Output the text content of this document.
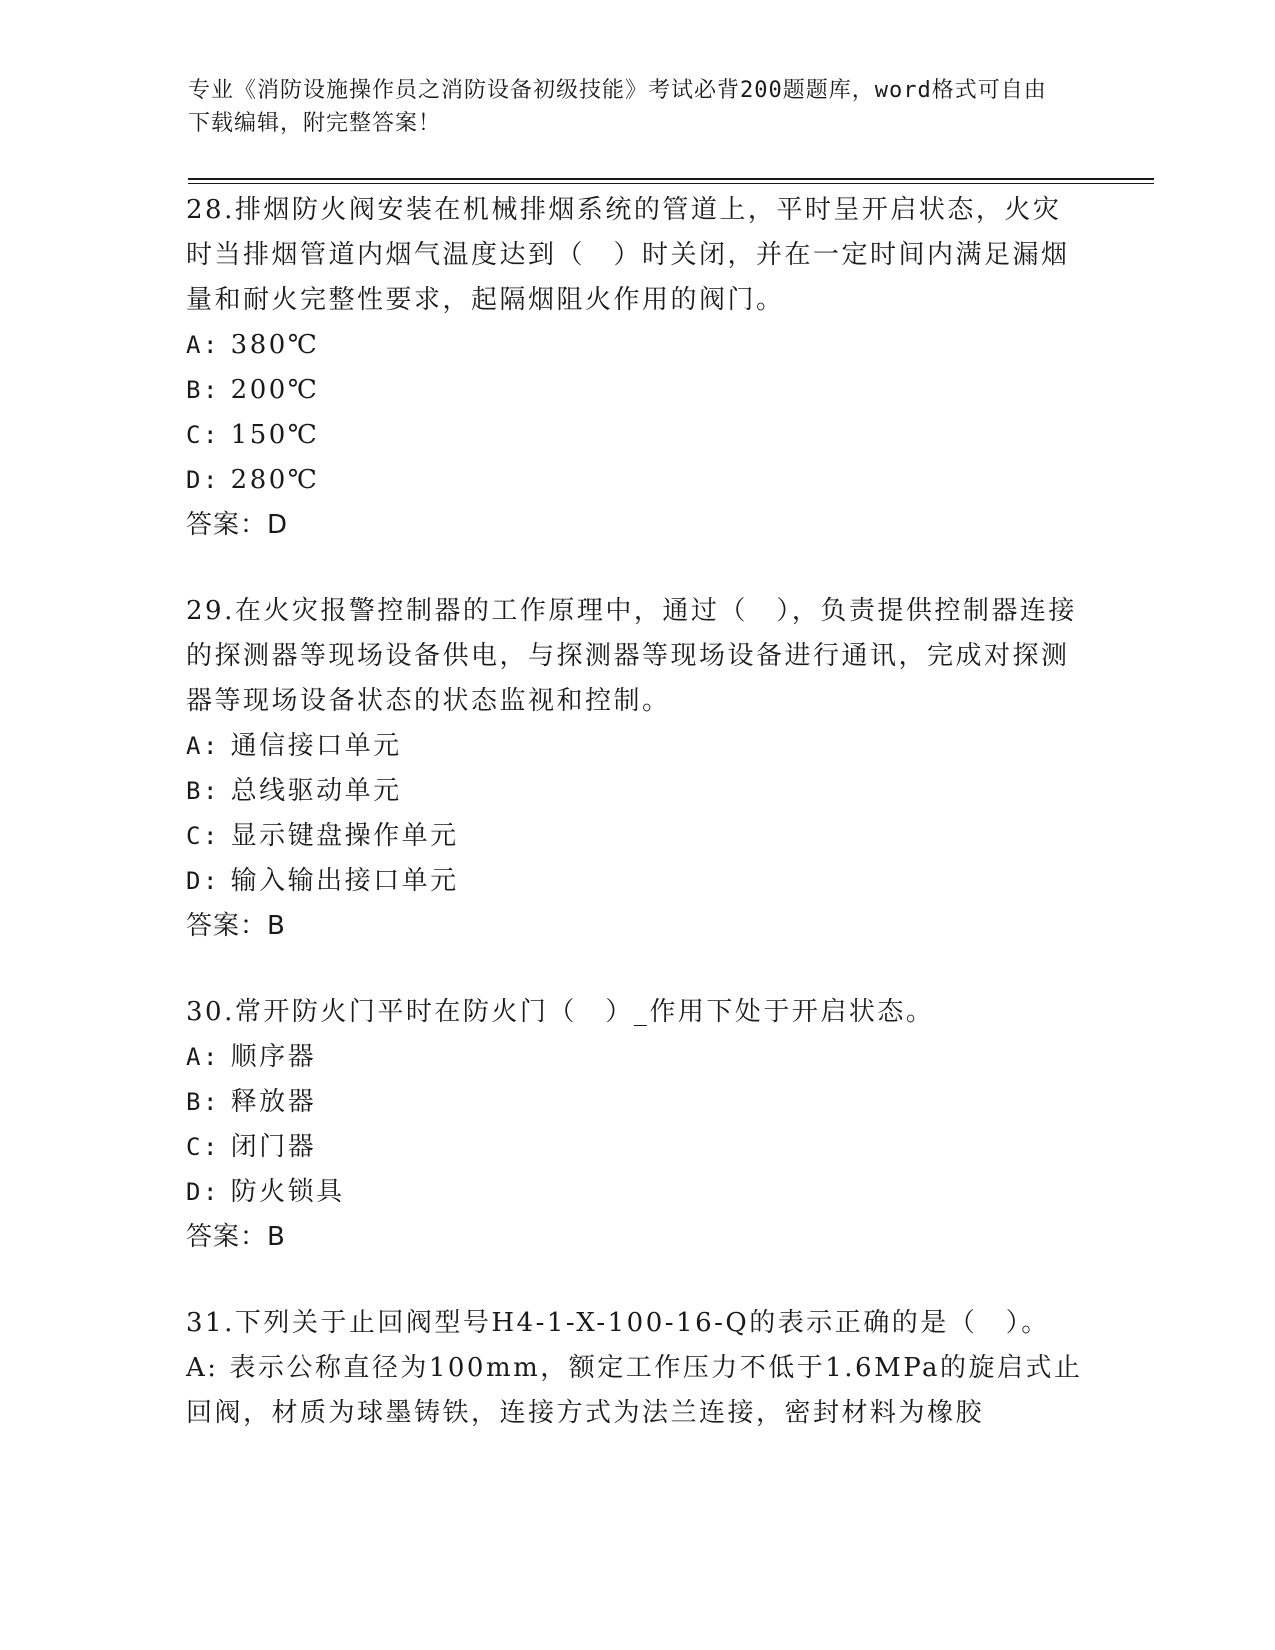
专业《消防设施操作员之消防设备初级技能》考试必背200题题库，word格式可自由下载编辑，附完整答案！

28.排烟防火阀安装在机械排烟系统的管道上，平时呈开启状态，火灾时当排烟管道内烟气温度达到（　）时关闭，并在一定时间内满足漏烟量和耐火完整性要求，起隔烟阻火作用的阀门。

A: 380℃

B: 200℃

C: 150℃

D: 280℃

答案：D

29.在火灾报警控制器的工作原理中，通过（　），负责提供控制器连接的探测器等现场设备供电，与探测器等现场设备进行通讯，完成对探测器等现场设备状态的状态监视和控制。

A: 通信接口单元

B: 总线驱动单元

C: 显示键盘操作单元

D: 输入输出接口单元

答案：B

30.常开防火门平时在防火门（　）_作用下处于开启状态。

A: 顺序器

B: 释放器

C: 闭门器

D: 防火锁具

答案：B

31.下列关于止回阀型号H4-1-X-100-16-Q的表示正确的是（　）。

A: 表示公称直径为100mm，额定工作压力不低于1.6MPa的旋启式止回阀，材质为球墨铸铁，连接方式为法兰连接，密封材料为橡胶
